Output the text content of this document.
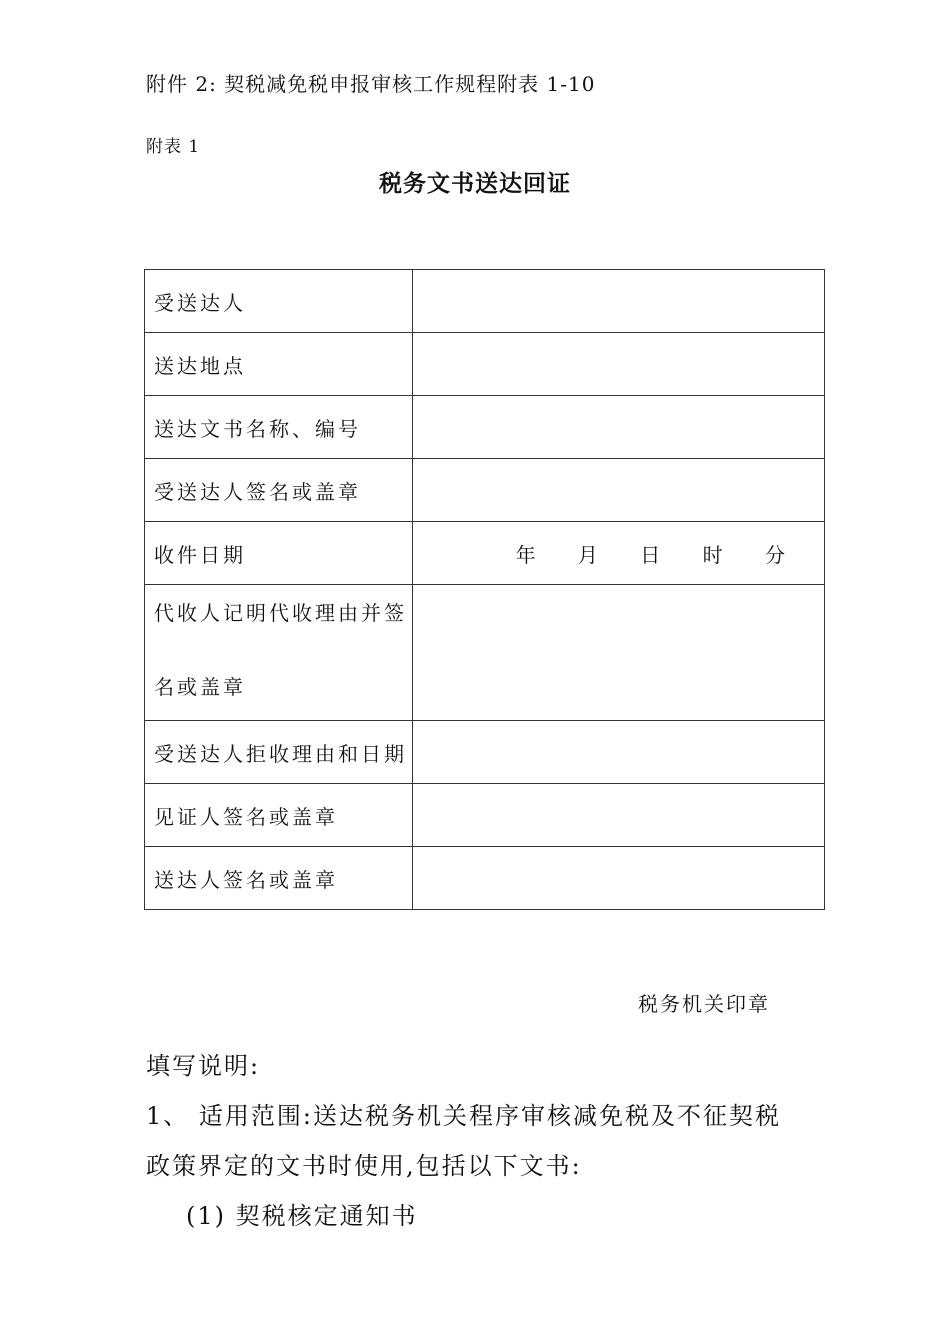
附件 2: 契税减免税申报审核工作规程附表 1-10
附表 1
税务文书送达回证
受送达人	
送达地点	
送达文书名称、编号	
受送达人签名或盖章	
收件日期	年 月 日 时 分

代收人记明代收理由并签
名或盖章	

受送达人拒收理由和日期	
见证人签名或盖章	
送达人签名或盖章	
税务机关印章
填写说明:
1、 适用范围:送达税务机关程序审核减免税及不征契税
政策界定的文书时使用,包括以下文书:
(1) 契税核定通知书
